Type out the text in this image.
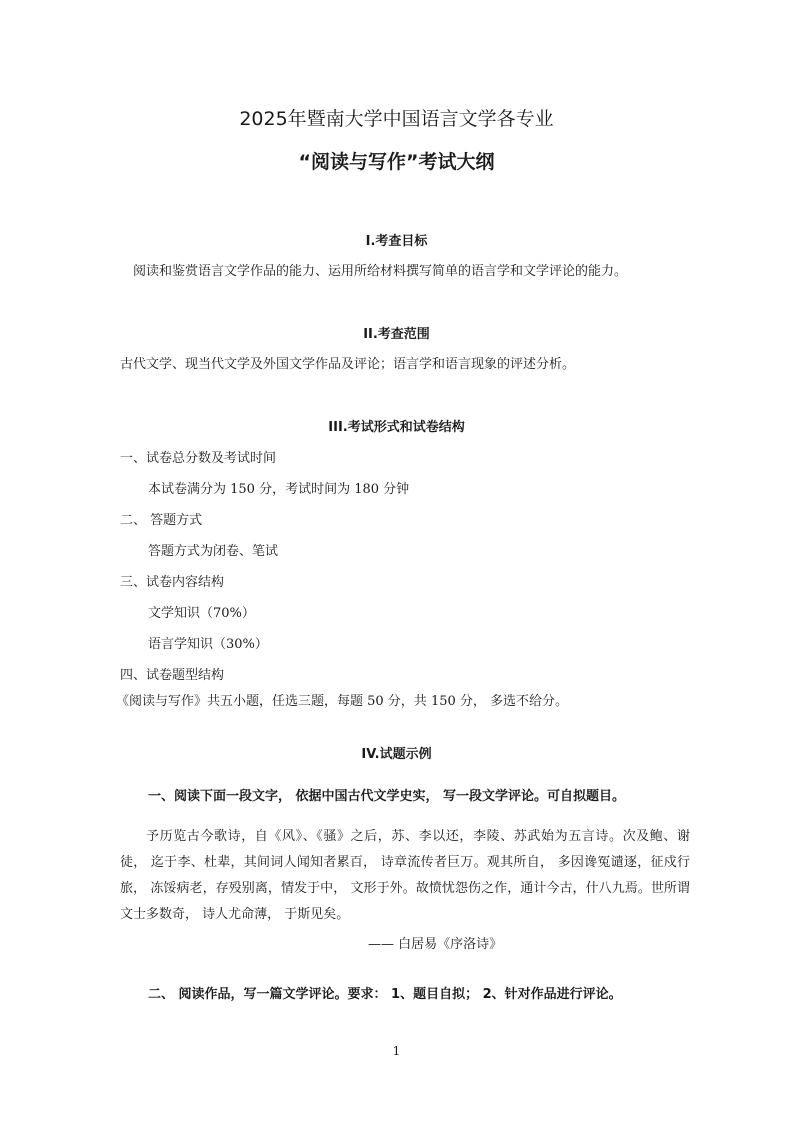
2025年暨南大学中国语言文学各专业
“阅读与写作”考试大纲
I.考查目标
阅读和鉴赏语言文学作品的能力、运用所给材料撰写简单的语言学和文学评论的能力。
II.考查范围
古代文学、现当代文学及外国文学作品及评论；语言学和语言现象的评述分析。
III.考试形式和试卷结构
一、试卷总分数及考试时间
本试卷满分为 150 分，考试时间为 180 分钟
二、 答题方式
答题方式为闭卷、笔试
三、试卷内容结构
文学知识（70%）
语言学知识（30%）
四、试卷题型结构
《阅读与写作》共五小题，任选三题，每题 50 分，共 150 分， 多选不给分。
IV.试题示例
一、阅读下面一段文字， 依据中国古代文学史实， 写一段文学评论。可自拟题目。
予历览古今歌诗，自《风》、《骚》之后，苏、李以还，李陵、苏武始为五言诗。次及鲍、谢徒， 迄于李、杜辈，其间词人闻知者累百， 诗章流传者巨万。观其所自， 多因谗冤谴逐，征戍行旅， 冻馁病老，存殁别离，情发于中， 文形于外。故愤忧怨伤之作，通计今古，什八九焉。世所谓文士多数奇， 诗人尤命薄， 于斯见矣。
—— 白居易《序洛诗》
二、 阅读作品，写一篇文学评论。要求： 1、题目自拟； 2、针对作品进行评论。
1
